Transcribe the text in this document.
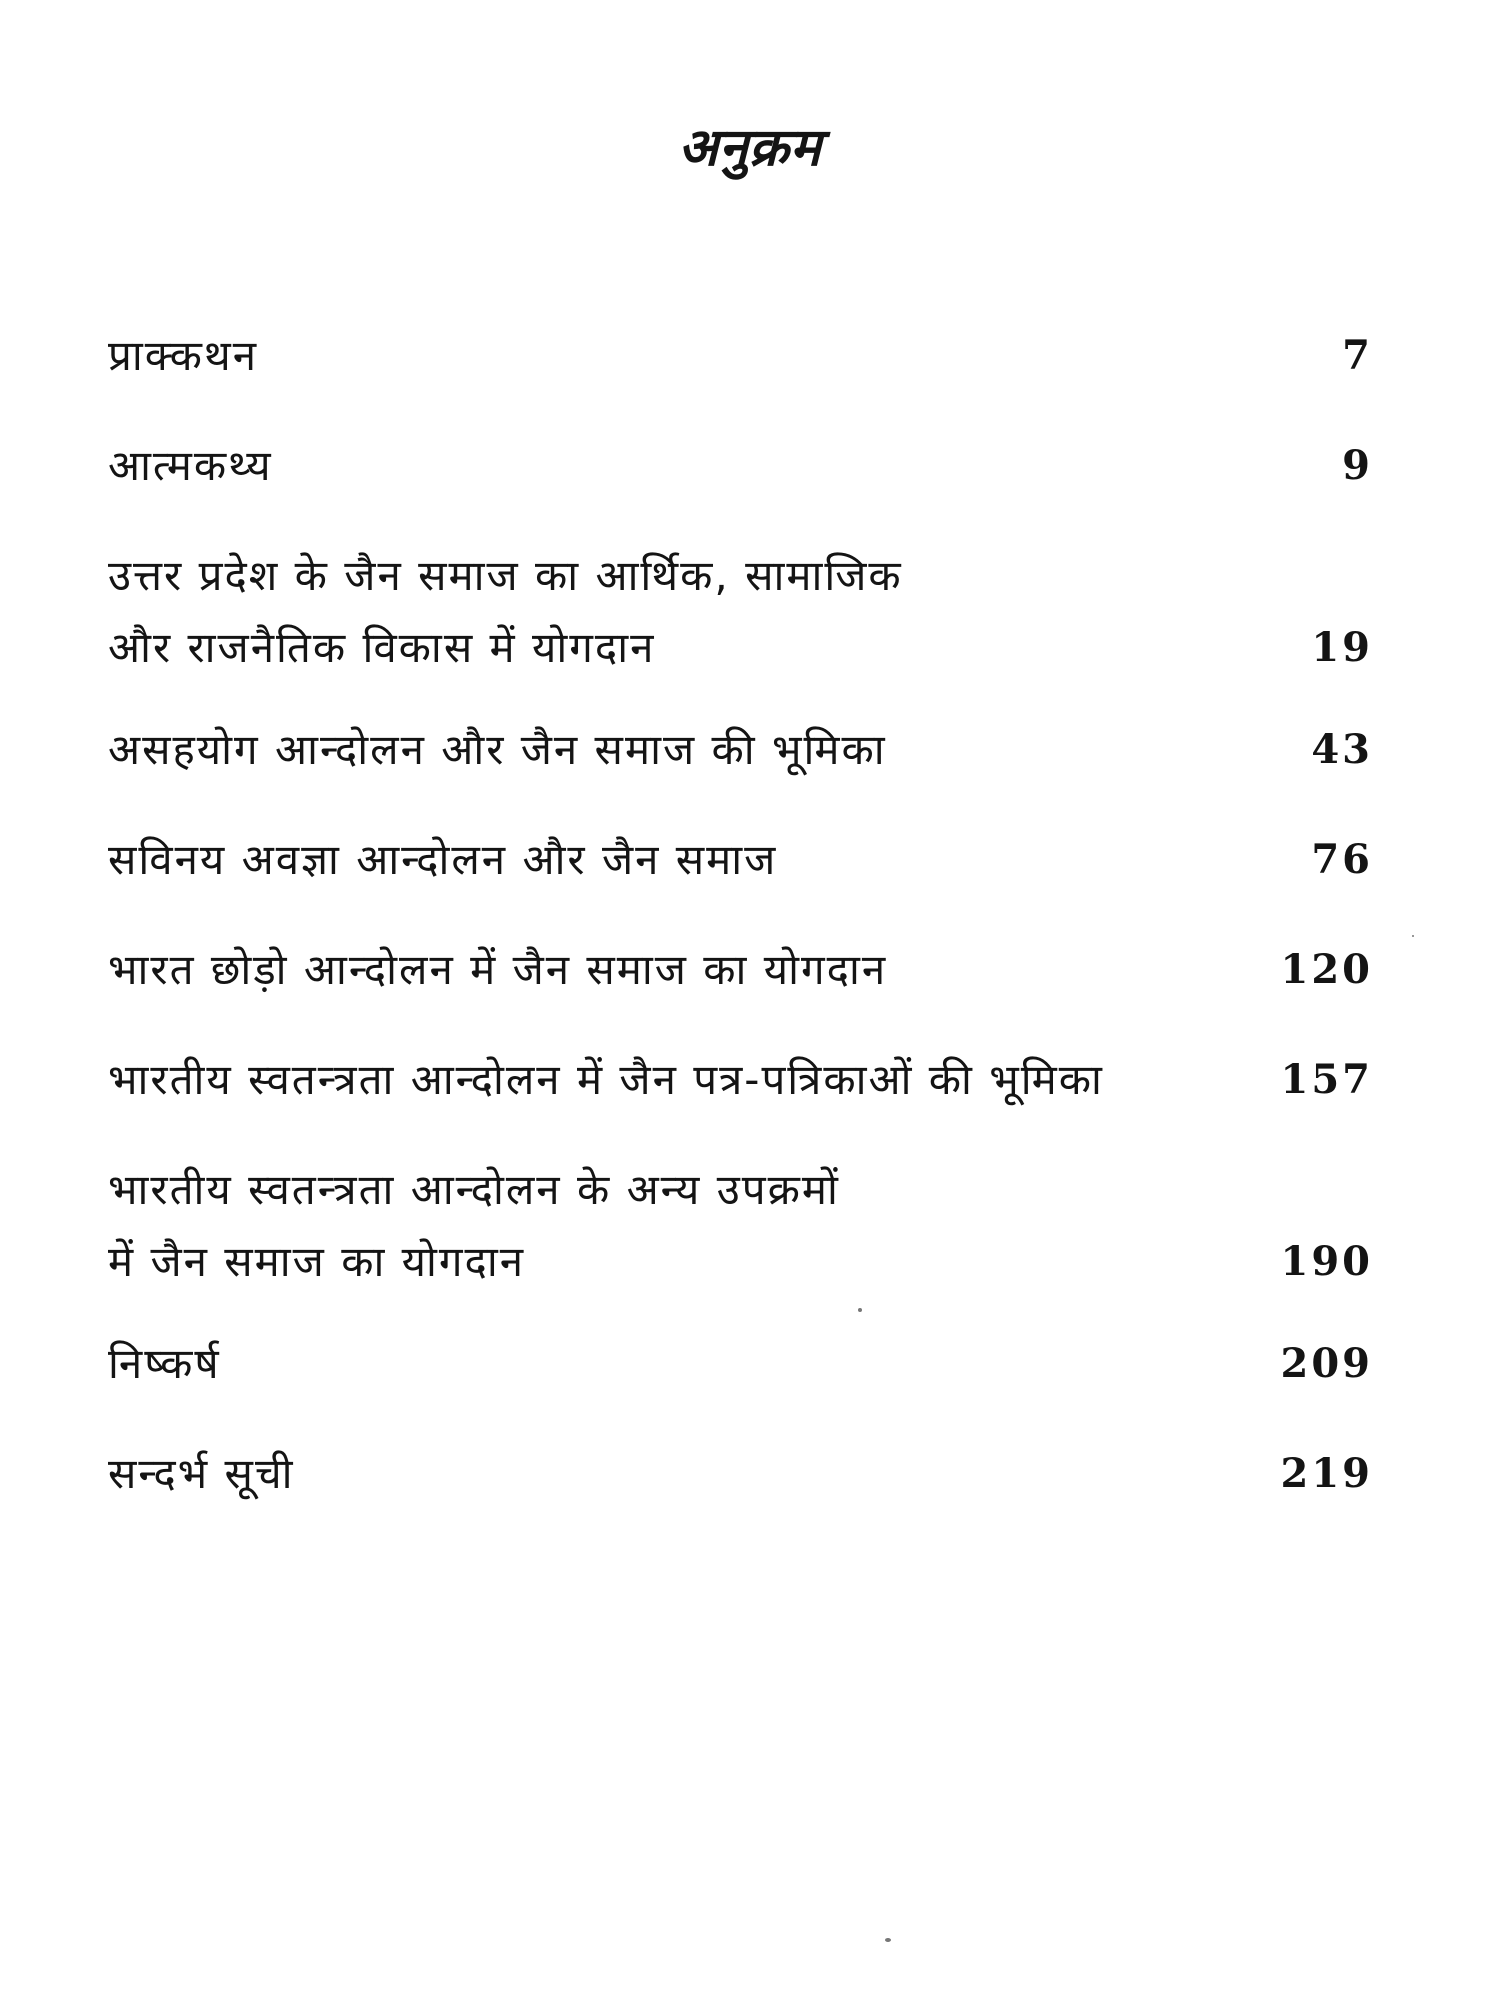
अनुक्रम
प्राक्कथन	7
आत्मकथ्य	9
उत्तर प्रदेश के जैन समाज का आर्थिक, सामाजिक
और राजनैतिक विकास में योगदान	19
असहयोग आन्दोलन और जैन समाज की भूमिका	43
सविनय अवज्ञा आन्दोलन और जैन समाज	76
भारत छोड़ो आन्दोलन में जैन समाज का योगदान	120
भारतीय स्वतन्त्रता आन्दोलन में जैन पत्र-पत्रिकाओं की भूमिका	157
भारतीय स्वतन्त्रता आन्दोलन के अन्य उपक्रमों
में जैन समाज का योगदान	190
निष्कर्ष	209
सन्दर्भ सूची	219
